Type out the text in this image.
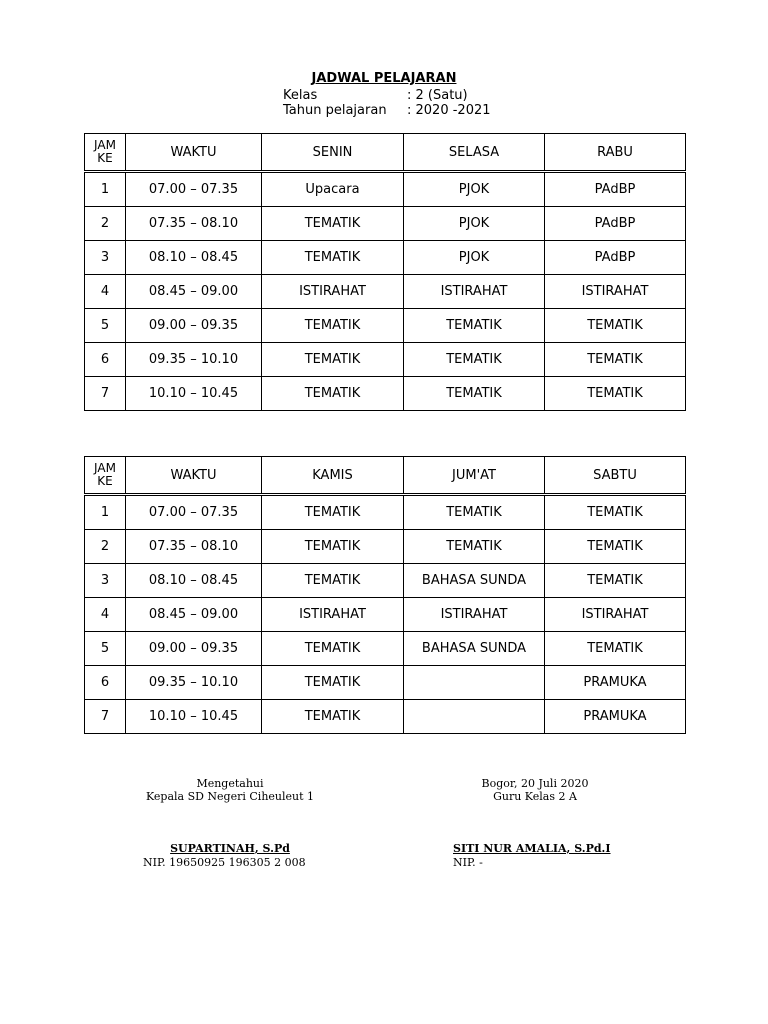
JADWAL PELAJARAN
Kelas	: 2 (Satu)
Tahun pelajaran : 2020 -2021
JAM KE	WAKTU	SENIN	SELASA	RABU
1	07.00 – 07.35	Upacara	PJOK	PAdBP
2	07.35 – 08.10	TEMATIK	PJOK	PAdBP
3	08.10 – 08.45	TEMATIK	PJOK	PAdBP
4	08.45 – 09.00	ISTIRAHAT	ISTIRAHAT	ISTIRAHAT
5	09.00 – 09.35	TEMATIK	TEMATIK	TEMATIK
6	09.35 – 10.10	TEMATIK	TEMATIK	TEMATIK
7	10.10 – 10.45	TEMATIK	TEMATIK	TEMATIK
JAM KE	WAKTU	KAMIS	JUM'AT	SABTU
1	07.00 – 07.35	TEMATIK	TEMATIK	TEMATIK
2	07.35 – 08.10	TEMATIK	TEMATIK	TEMATIK
3	08.10 – 08.45	TEMATIK	BAHASA SUNDA	TEMATIK
4	08.45 – 09.00	ISTIRAHAT	ISTIRAHAT	ISTIRAHAT
5	09.00 – 09.35	TEMATIK	BAHASA SUNDA	TEMATIK
6	09.35 – 10.10	TEMATIK		PRAMUKA
7	10.10 – 10.45	TEMATIK		PRAMUKA
Mengetahui
Kepala SD Negeri Ciheuleut 1
Bogor, 20 Juli 2020
Guru Kelas 2 A
SUPARTINAH, S.Pd
NIP. 19650925 196305 2 008
SITI NUR AMALIA, S.Pd.I
NIP. -
